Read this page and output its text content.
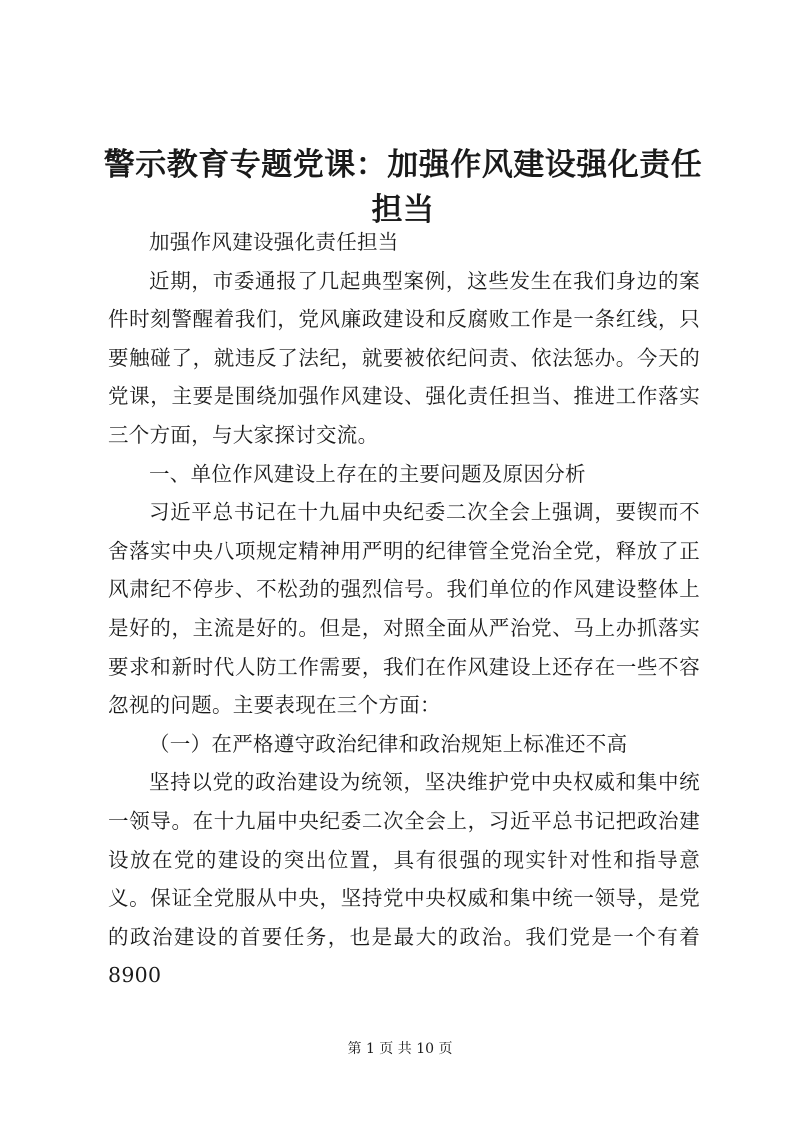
警示教育专题党课：加强作风建设强化责任担当

加强作风建设强化责任担当

近期，市委通报了几起典型案例，这些发生在我们身边的案件时刻警醒着我们，党风廉政建设和反腐败工作是一条红线，只要触碰了，就违反了法纪，就要被依纪问责、依法惩办。今天的党课，主要是围绕加强作风建设、强化责任担当、推进工作落实三个方面，与大家探讨交流。

一、单位作风建设上存在的主要问题及原因分析

习近平总书记在十九届中央纪委二次全会上强调，要锲而不舍落实中央八项规定精神用严明的纪律管全党治全党，释放了正风肃纪不停步、不松劲的强烈信号。我们单位的作风建设整体上是好的，主流是好的。但是，对照全面从严治党、马上办抓落实要求和新时代人防工作需要，我们在作风建设上还存在一些不容忽视的问题。主要表现在三个方面：

（一）在严格遵守政治纪律和政治规矩上标准还不高

坚持以党的政治建设为统领，坚决维护党中央权威和集中统一领导。在十九届中央纪委二次全会上，习近平总书记把政治建设放在党的建设的突出位置，具有很强的现实针对性和指导意义。保证全党服从中央，坚持党中央权威和集中统一领导，是党的政治建设的首要任务，也是最大的政治。我们党是一个有着8900

第 1 页 共 10 页
